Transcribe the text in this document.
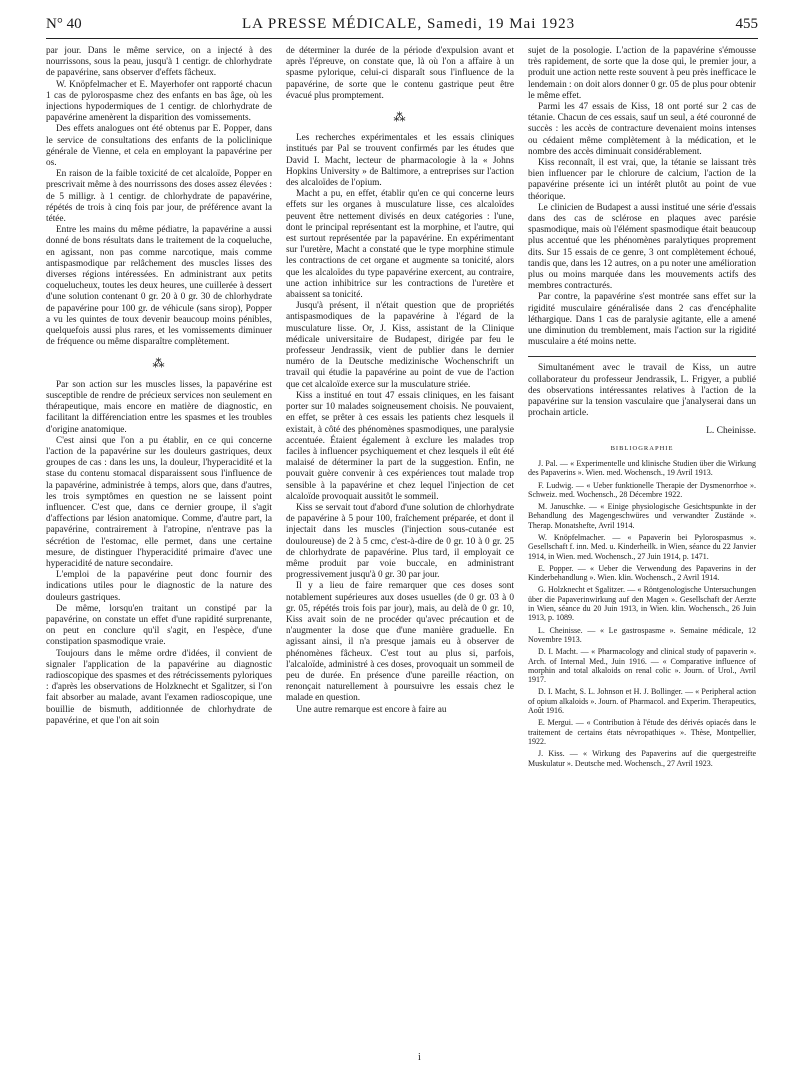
N° 40	LA PRESSE MÉDICALE, Samedi, 19 Mai 1923	455

par jour. Dans le même service, on a injecté à des nourrissons, sous la peau, jusqu'à 1 centigr. de chlorhydrate de papavérine, sans observer d'effets fâcheux.

W. Knöpfelmacher et E. Mayerhofer ont rapporté chacun 1 cas de pylorospasme chez des enfants en bas âge, où les injections hypodermiques de 1 centigr. de chlorhydrate de papavérine amenèrent la disparition des vomissements.

Des effets analogues ont été obtenus par E. Popper, dans le service de consultations des enfants de la policlinique générale de Vienne, et cela en employant la papavérine per os.

En raison de la faible toxicité de cet alcaloïde, Popper en prescrivait même à des nourrissons des doses assez élevées : de 5 milligr. à 1 centigr. de chlorhydrate de papavérine, répétés de trois à cinq fois par jour, de préférence avant la tétée.

Entre les mains du même pédiatre, la papavérine a aussi donné de bons résultats dans le traitement de la coqueluche, en agissant, non pas comme narcotique, mais comme antispasmodique par relâchement des muscles lisses des diverses régions intéressées. En administrant aux petits coquelucheux, toutes les deux heures, une cuillerée à dessert d'une solution contenant 0 gr. 20 à 0 gr. 30 de chlorhydrate de papavérine pour 100 gr. de véhicule (sans sirop), Popper a vu les quintes de toux devenir beaucoup moins pénibles, quelquefois aussi plus rares, et les vomissements diminuer de fréquence ou même disparaître complètement.

⁂

Par son action sur les muscles lisses, la papavérine est susceptible de rendre de précieux services non seulement en thérapeutique, mais encore en matière de diagnostic, en facilitant la différenciation entre les spasmes et les troubles d'origine anatomique.

C'est ainsi que l'on a pu établir, en ce qui concerne l'action de la papavérine sur les douleurs gastriques, deux groupes de cas : dans les uns, la douleur, l'hyperacidité et la stase du contenu stomacal disparaissent sous l'influence de la papavérine, administrée à temps, alors que, dans d'autres, les trois symptômes en question ne se laissent point influencer. C'est que, dans ce dernier groupe, il s'agit d'affections par lésion anatomique. Comme, d'autre part, la papavérine, contrairement à l'atropine, n'entrave pas la sécrétion de l'estomac, elle permet, dans une certaine mesure, de distinguer l'hyperacidité primaire d'avec une hyperacidité de nature secondaire.

L'emploi de la papavérine peut donc fournir des indications utiles pour le diagnostic de la nature des douleurs gastriques.

De même, lorsqu'en traitant un constipé par la papavérine, on constate un effet d'une rapidité surprenante, on peut en conclure qu'il s'agit, en l'espèce, d'une constipation spasmodique vraie.

Toujours dans le même ordre d'idées, il convient de signaler l'application de la papavérine au diagnostic radioscopique des spasmes et des rétrécissements pyloriques : d'après les observations de Holzknecht et Sgalitzer, si l'on fait absorber au malade, avant l'examen radioscopique, une bouillie de bismuth, additionnée de chlorhydrate de papavérine, et que l'on ait soin

de déterminer la durée de la période d'expulsion avant et après l'épreuve, on constate que, là où l'on a affaire à un spasme pylorique, celui-ci disparaît sous l'influence de la papavérine, de sorte que le contenu gastrique peut être évacué plus promptement.

⁂

Les recherches expérimentales et les essais cliniques institués par Pal se trouvent confirmés par les études que David I. Macht, lecteur de pharmacologie à la « Johns Hopkins University » de Baltimore, a entreprises sur l'action des alcaloïdes de l'opium.

Macht a pu, en effet, établir qu'en ce qui concerne leurs effets sur les organes à musculature lisse, ces alcaloïdes peuvent être nettement divisés en deux catégories : l'une, dont le principal représentant est la morphine, et l'autre, qui est surtout représentée par la papavérine. En expérimentant sur l'uretère, Macht a constaté que le type morphine stimule les contractions de cet organe et augmente sa tonicité, alors que les alcaloïdes du type papavérine exercent, au contraire, une action inhibitrice sur les contractions de l'uretère et abaissent sa tonicité.

Jusqu'à présent, il n'était question que de propriétés antispasmodiques de la papavérine à l'égard de la musculature lisse. Or, J. Kiss, assistant de la Clinique médicale universitaire de Budapest, dirigée par feu le professeur Jendrassik, vient de publier dans le dernier numéro de la Deutsche medizinische Wochenschrift un travail qui étudie la papavérine au point de vue de l'action que cet alcaloïde exerce sur la musculature striée.

Kiss a institué en tout 47 essais cliniques, en les faisant porter sur 10 malades soigneusement choisis. Ne pouvaient, en effet, se prêter à ces essais les patients chez lesquels il existait, à côté des phénomènes spasmodiques, une paralysie accentuée. Étaient également à exclure les malades trop faciles à influencer psychiquement et chez lesquels il eût été malaisé de déterminer la part de la suggestion. Enfin, ne pouvait guère convenir à ces expériences tout malade trop sensible à la papavérine et chez lequel l'injection de cet alcaloïde provoquait aussitôt le sommeil.

Kiss se servait tout d'abord d'une solution de chlorhydrate de papavérine à 5 pour 100, fraîchement préparée, et dont il injectait dans les muscles (l'injection sous-cutanée est douloureuse) de 2 à 5 cmc, c'est-à-dire de 0 gr. 10 à 0 gr. 25 de chlorhydrate de papavérine. Plus tard, il employait ce même produit par voie buccale, en administrant progressivement jusqu'à 0 gr. 30 par jour.

Il y a lieu de faire remarquer que ces doses sont notablement supérieures aux doses usuelles (de 0 gr. 03 à 0 gr. 05, répétés trois fois par jour), mais, au delà de 0 gr. 10, Kiss avait soin de ne procéder qu'avec précaution et de n'augmenter la dose que d'une manière graduelle. En agissant ainsi, il n'a presque jamais eu à observer de phénomènes fâcheux. C'est tout au plus si, parfois, l'alcaloïde, administré à ces doses, provoquait un sommeil de peu de durée. En présence d'une pareille réaction, on renonçait naturellement à poursuivre les essais chez le malade en question.

Une autre remarque est encore à faire au

sujet de la posologie. L'action de la papavérine s'émousse très rapidement, de sorte que la dose qui, le premier jour, a produit une action nette reste souvent à peu près inefficace le lendemain : on doit alors donner 0 gr. 05 de plus pour obtenir le même effet.

Parmi les 47 essais de Kiss, 18 ont porté sur 2 cas de tétanie. Chacun de ces essais, sauf un seul, a été couronné de succès : les accès de contracture devenaient moins intenses ou cédaient même complètement à la médication, et le nombre des accès diminuait considérablement.

Kiss reconnaît, il est vrai, que, la tétanie se laissant très bien influencer par le chlorure de calcium, l'action de la papavérine présente ici un intérêt plutôt au point de vue théorique.

Le clinicien de Budapest a aussi institué une série d'essais dans des cas de sclérose en plaques avec parésie spasmodique, mais où l'élément spasmodique était beaucoup plus accentué que les phénomènes paralytiques proprement dits. Sur 15 essais de ce genre, 3 ont complètement échoué, tandis que, dans les 12 autres, on a pu noter une amélioration plus ou moins marquée dans les mouvements actifs des membres contracturés.

Par contre, la papavérine s'est montrée sans effet sur la rigidité musculaire généralisée dans 2 cas d'encéphalite léthargique. Dans 1 cas de paralysie agitante, elle a amené une diminution du tremblement, mais l'action sur la rigidité musculaire a été moins nette.

Simultanément avec le travail de Kiss, un autre collaborateur du professeur Jendrassik, L. Frigyer, a publié des observations intéressantes relatives à l'action de la papavérine sur la tension vasculaire que j'analyserai dans un prochain article.

L. Cheinisse.
BIBLIOGRAPHIE

J. Pal. — « Experimentelle und klinische Studien über die Wirkung des Papaverins ». Wien. med. Wochensch., 19 Avril 1913.

F. Ludwig. — « Ueber funktionelle Therapie der Dysmenorrhoe ». Schweiz. med. Wochensch., 28 Décembre 1922.

M. Januschke. — « Einige physiologische Gesichtspunkte in der Behandlung des Magengeschwüres und verwandter Zustände ». Therap. Monatshefte, Avril 1914.

W. Knöpfelmacher. — « Papaverin bei Pylorospasmus ». Gesellschaft f. inn. Med. u. Kinderheilk. in Wien, séance du 22 Janvier 1914, in Wien. med. Wochensch., 27 Juin 1914, p. 1471.

E. Popper. — « Ueber die Verwendung des Papaverins in der Kinderbehandlung ». Wien. klin. Wochensch., 2 Avril 1914.

G. Holzknecht et Sgalitzer. — « Röntgenologische Untersuchungen über die Papaverinwirkung auf den Magen ». Gesellschaft der Aerzte in Wien, séance du 20 Juin 1913, in Wien. klin. Wochensch., 26 Juin 1913, p. 1089.

L. Cheinisse. — « Le gastrospasme ». Semaine médicale, 12 Novembre 1913.

D. I. Macht. — « Pharmacology and clinical study of papaverin ». Arch. of Internal Med., Juin 1916. — « Comparative influence of morphin and total alkaloids on renal colic ». Journ. of Urol., Avril 1917.

D. I. Macht, S. L. Johnson et H. J. Bollinger. — « Peripheral action of opium alkaloids ». Journ. of Pharmacol. and Experim. Therapeutics, Août 1916.

E. Mergui. — « Contribution à l'étude des dérivés opiacés dans le traitement de certains états névropathiques ». Thèse, Montpellier, 1922.

J. Kiss. — « Wirkung des Papaverins auf die quergestreifte Muskulatur ». Deutsche med. Wochensch., 27 Avril 1923.

i
